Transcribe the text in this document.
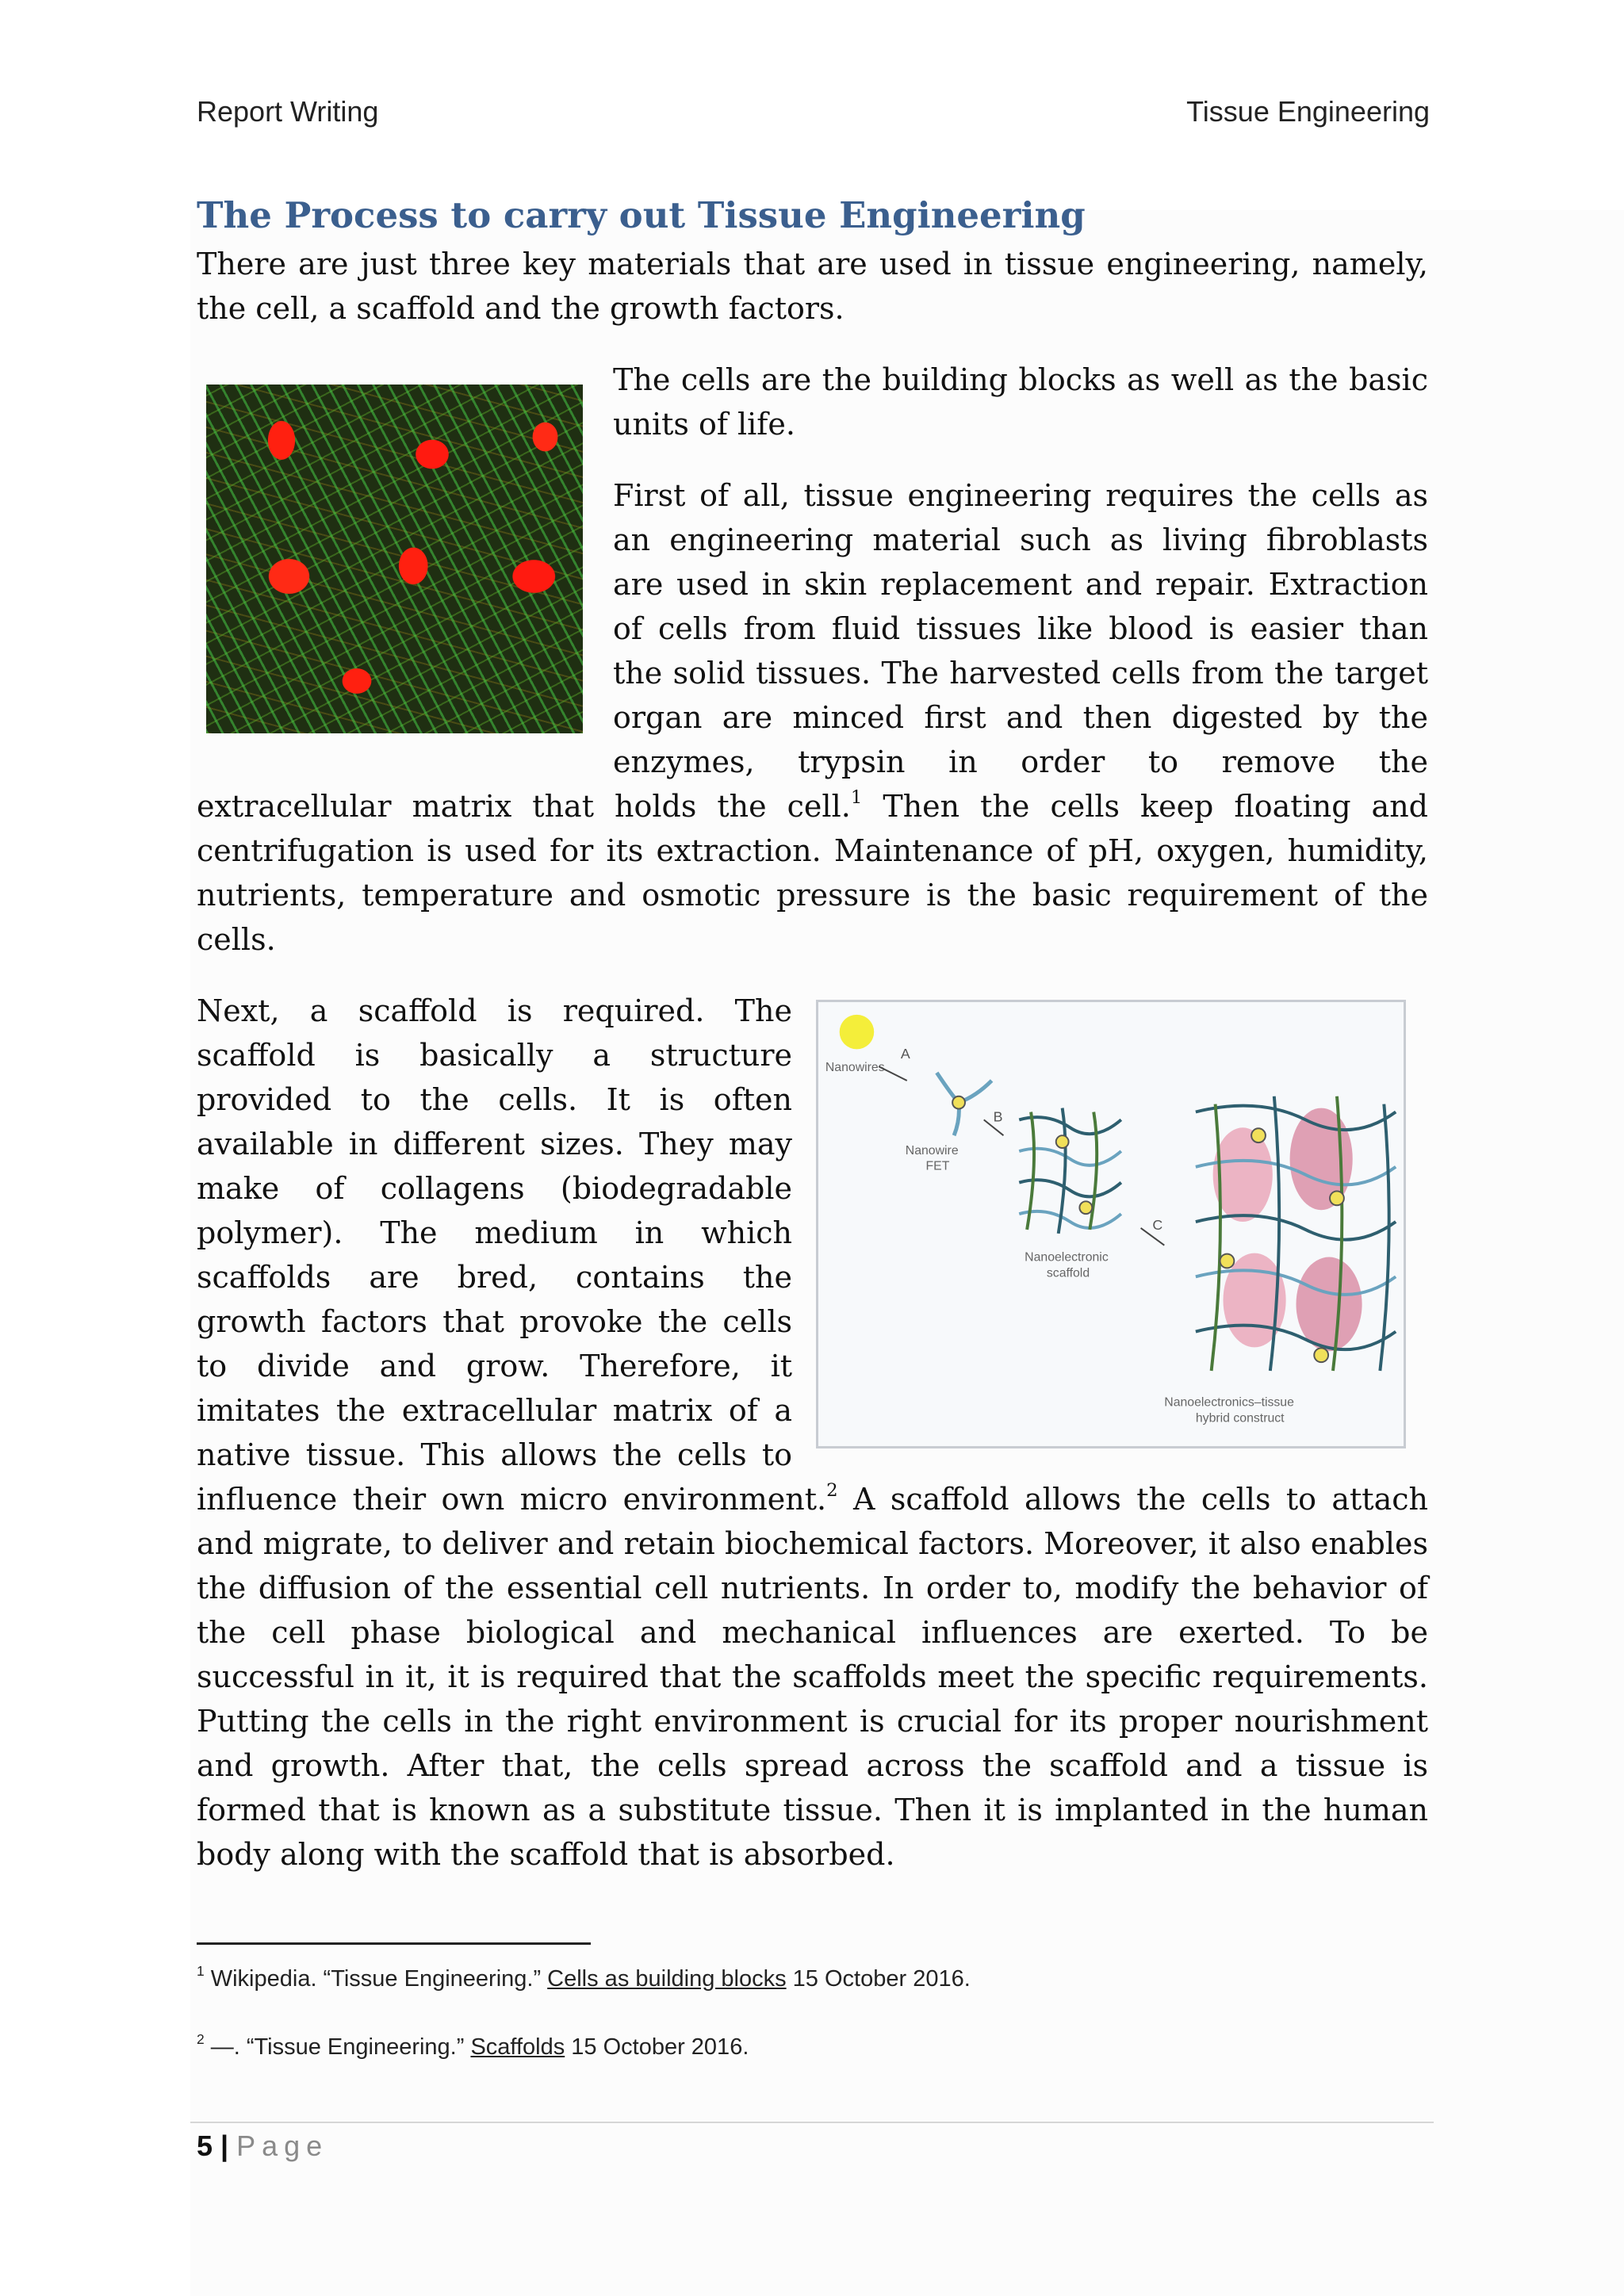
Report Writing	Tissue Engineering
The Process to carry out Tissue Engineering

There are just three key materials that are used in tissue engineering, namely, the cell, a scaffold and the growth factors.

The cells are the building blocks as well as the basic units of life.

First of all, tissue engineering requires the cells as an engineering material such as living fibroblasts are used in skin replacement and repair. Extraction of cells from fluid tissues like blood is easier than the solid tissues. The harvested cells from the target organ are minced first and then digested by the enzymes, trypsin in order to remove the extracellular matrix that holds the cell.$^1$ Then the cells keep floating and centrifugation is used for its extraction. Maintenance of pH, oxygen, humidity, nutrients, temperature and osmotic pressure is the basic requirement of the cells.

Nanowires
A
Nanowire
FET
B
Nanoelectronic
scaffold
C
Nanoelectronics–tissue
hybrid construct

Next, a scaffold is required. The scaffold is basically a structure provided to the cells. It is often available in different sizes. They may make of collagens (biodegradable polymer). The medium in which scaffolds are bred, contains the growth factors that provoke the cells to divide and grow. Therefore, it imitates the extracellular matrix of a native tissue. This allows the cells to influence their own micro environment.$^2$ A scaffold allows the cells to attach and migrate, to deliver and retain biochemical factors. Moreover, it also enables the diffusion of the essential cell nutrients. In order to, modify the behavior of the cell phase biological and mechanical influences are exerted. To be successful in it, it is required that the scaffolds meet the specific requirements. Putting the cells in the right environment is crucial for its proper nourishment and growth. After that, the cells spread across the scaffold and a tissue is formed that is known as a substitute tissue. Then it is implanted in the human body along with the scaffold that is absorbed.

$^1$ Wikipedia. “Tissue Engineering.” Cells as building blocks 15 October 2016.
$^2$ —. “Tissue Engineering.” Scaffolds 15 October 2016.
5 | Page
